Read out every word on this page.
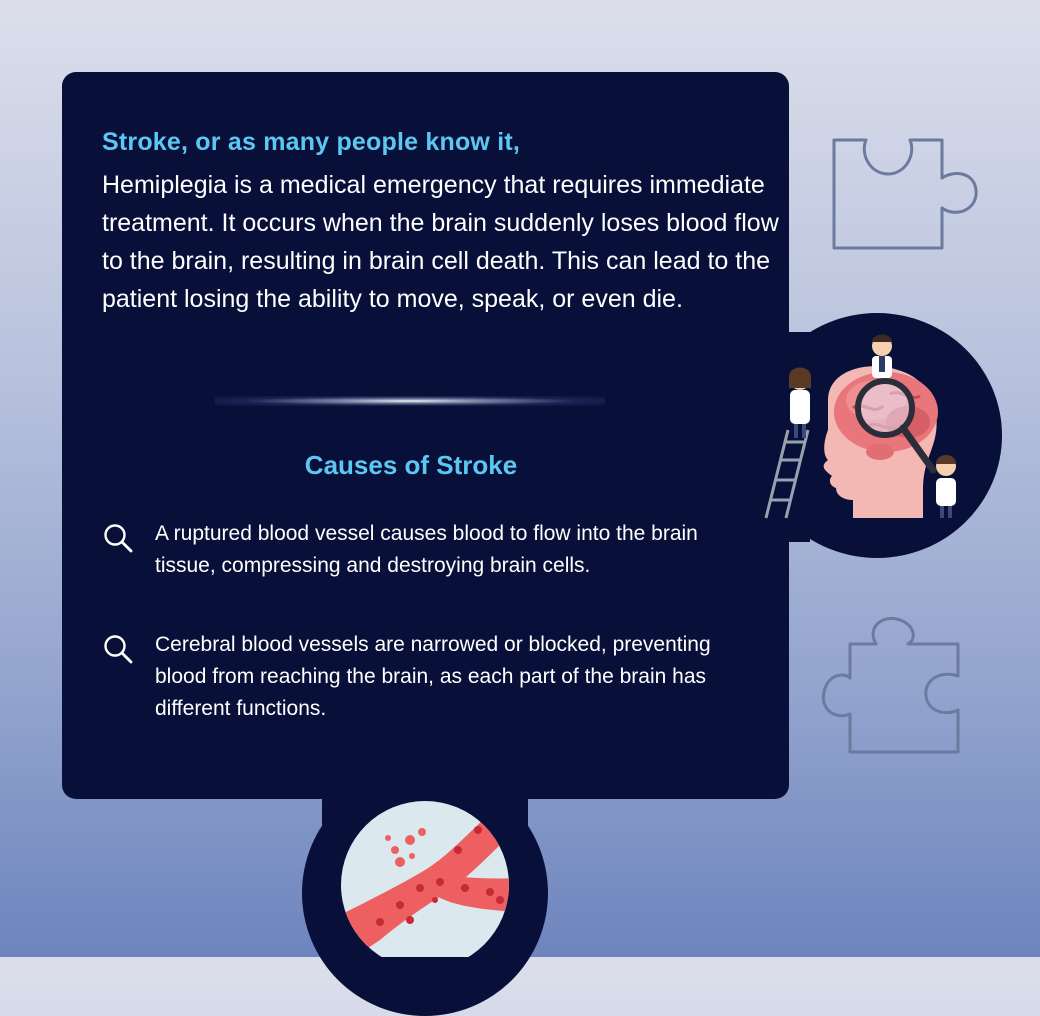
Stroke, or as many people know it,

Hemiplegia is a medical emergency that requires immediate treatment. It occurs when the brain suddenly loses blood flow to the brain, resulting in brain cell death. This can lead to the patient losing the ability to move, speak, or even die.

Causes of Stroke

A ruptured blood vessel causes blood to flow into the brain tissue, compressing and destroying brain cells.

Cerebral blood vessels are narrowed or blocked, preventing blood from reaching the brain, as each part of the brain has different functions.
